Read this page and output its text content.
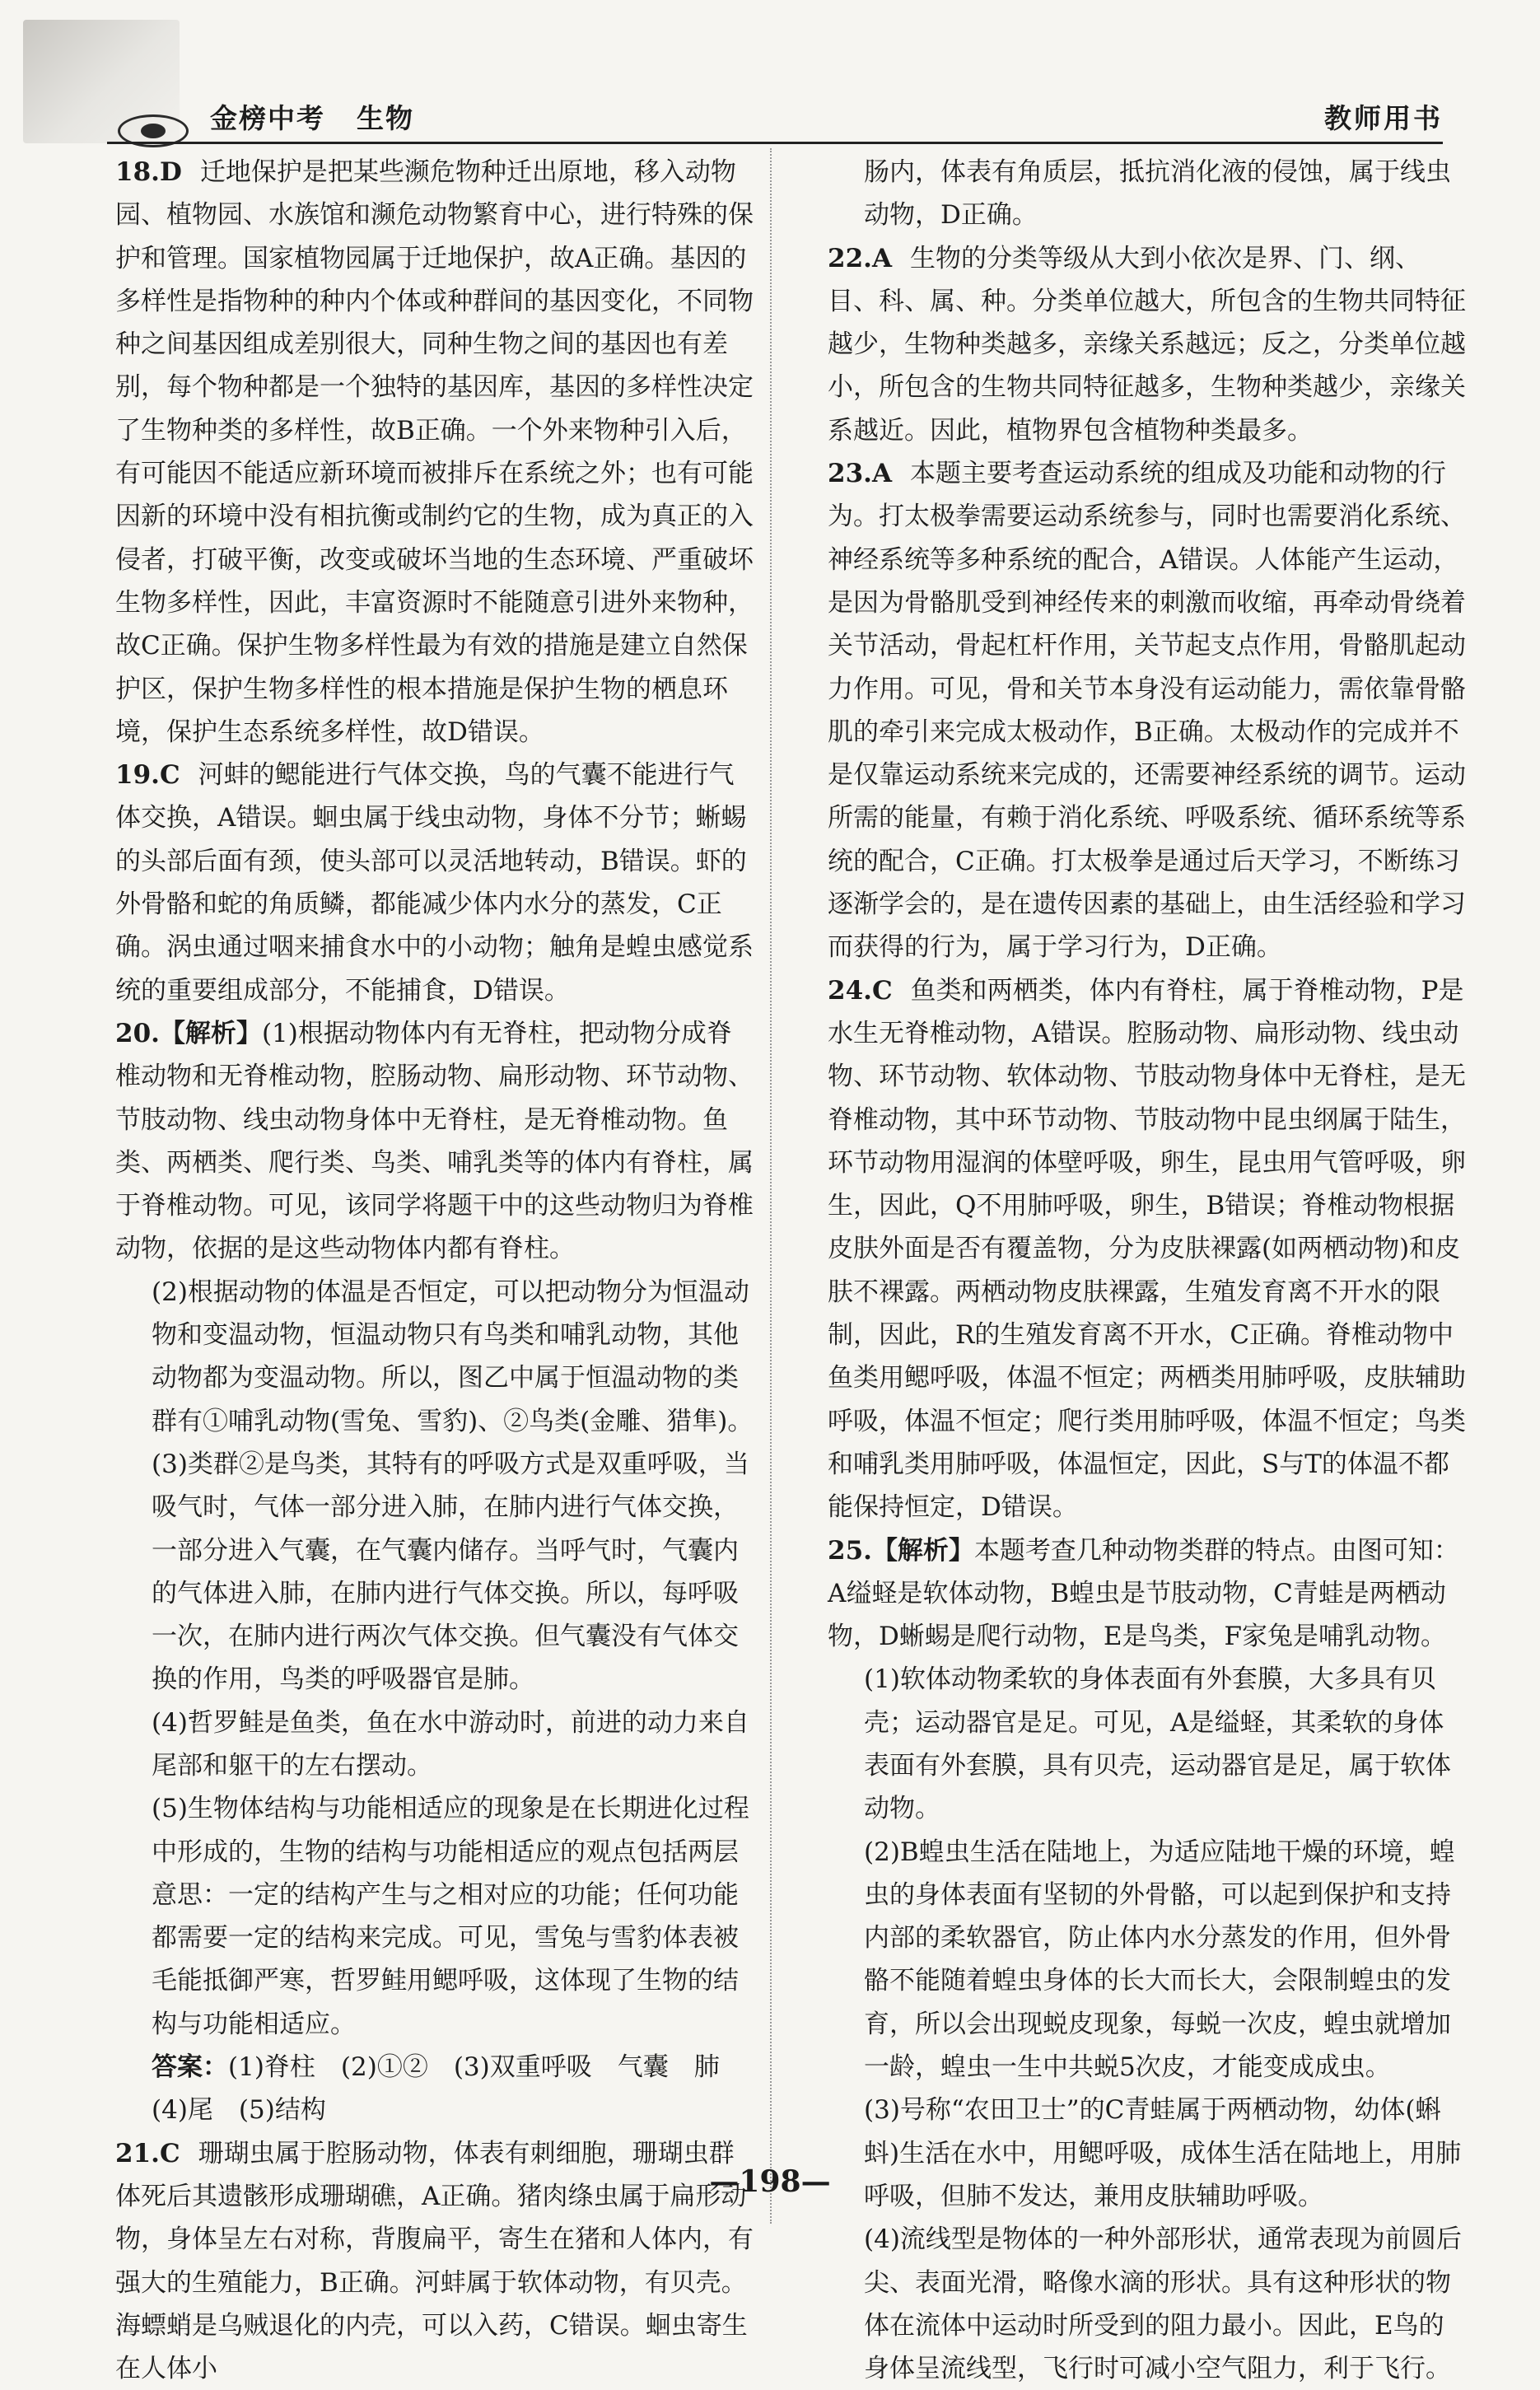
金榜中考 生物	教师用书

18.D 迁地保护是把某些濒危物种迁出原地，移入动物园、植物园、水族馆和濒危动物繁育中心，进行特殊的保护和管理。国家植物园属于迁地保护，故A正确。基因的多样性是指物种的种内个体或种群间的基因变化，不同物种之间基因组成差别很大，同种生物之间的基因也有差别，每个物种都是一个独特的基因库，基因的多样性决定了生物种类的多样性，故B正确。一个外来物种引入后，有可能因不能适应新环境而被排斥在系统之外；也有可能因新的环境中没有相抗衡或制约它的生物，成为真正的入侵者，打破平衡，改变或破坏当地的生态环境、严重破坏生物多样性，因此，丰富资源时不能随意引进外来物种，故C正确。保护生物多样性最为有效的措施是建立自然保护区，保护生物多样性的根本措施是保护生物的栖息环境，保护生态系统多样性，故D错误。

19.C 河蚌的鳃能进行气体交换，鸟的气囊不能进行气体交换，A错误。蛔虫属于线虫动物，身体不分节；蜥蜴的头部后面有颈，使头部可以灵活地转动，B错误。虾的外骨骼和蛇的角质鳞，都能减少体内水分的蒸发，C正确。涡虫通过咽来捕食水中的小动物；触角是蝗虫感觉系统的重要组成部分，不能捕食，D错误。

20.【解析】(1)根据动物体内有无脊柱，把动物分成脊椎动物和无脊椎动物，腔肠动物、扁形动物、环节动物、节肢动物、线虫动物身体中无脊柱，是无脊椎动物。鱼类、两栖类、爬行类、鸟类、哺乳类等的体内有脊柱，属于脊椎动物。可见，该同学将题干中的这些动物归为脊椎动物，依据的是这些动物体内都有脊柱。

(2)根据动物的体温是否恒定，可以把动物分为恒温动物和变温动物，恒温动物只有鸟类和哺乳动物，其他动物都为变温动物。所以，图乙中属于恒温动物的类群有①哺乳动物(雪兔、雪豹)、②鸟类(金雕、猎隼)。

(3)类群②是鸟类，其特有的呼吸方式是双重呼吸，当吸气时，气体一部分进入肺，在肺内进行气体交换，一部分进入气囊，在气囊内储存。当呼气时，气囊内的气体进入肺，在肺内进行气体交换。所以，每呼吸一次，在肺内进行两次气体交换。但气囊没有气体交换的作用，鸟类的呼吸器官是肺。

(4)哲罗鲑是鱼类，鱼在水中游动时，前进的动力来自尾部和躯干的左右摆动。

(5)生物体结构与功能相适应的现象是在长期进化过程中形成的，生物的结构与功能相适应的观点包括两层意思：一定的结构产生与之相对应的功能；任何功能都需要一定的结构来完成。可见，雪兔与雪豹体表被毛能抵御严寒，哲罗鲑用鳃呼吸，这体现了生物的结构与功能相适应。

答案：(1)脊柱　(2)①②　(3)双重呼吸　气囊　肺

(4)尾　(5)结构

21.C 珊瑚虫属于腔肠动物，体表有刺细胞，珊瑚虫群体死后其遗骸形成珊瑚礁，A正确。猪肉绦虫属于扁形动物，身体呈左右对称，背腹扁平，寄生在猪和人体内，有强大的生殖能力，B正确。河蚌属于软体动物，有贝壳。海螵蛸是乌贼退化的内壳，可以入药，C错误。蛔虫寄生在人体小

肠内，体表有角质层，抵抗消化液的侵蚀，属于线虫动物，D正确。

22.A 生物的分类等级从大到小依次是界、门、纲、目、科、属、种。分类单位越大，所包含的生物共同特征越少，生物种类越多，亲缘关系越远；反之，分类单位越小，所包含的生物共同特征越多，生物种类越少，亲缘关系越近。因此，植物界包含植物种类最多。

23.A 本题主要考查运动系统的组成及功能和动物的行为。打太极拳需要运动系统参与，同时也需要消化系统、神经系统等多种系统的配合，A错误。人体能产生运动，是因为骨骼肌受到神经传来的刺激而收缩，再牵动骨绕着关节活动，骨起杠杆作用，关节起支点作用，骨骼肌起动力作用。可见，骨和关节本身没有运动能力，需依靠骨骼肌的牵引来完成太极动作，B正确。太极动作的完成并不是仅靠运动系统来完成的，还需要神经系统的调节。运动所需的能量，有赖于消化系统、呼吸系统、循环系统等系统的配合，C正确。打太极拳是通过后天学习，不断练习逐渐学会的，是在遗传因素的基础上，由生活经验和学习而获得的行为，属于学习行为，D正确。

24.C 鱼类和两栖类，体内有脊柱，属于脊椎动物，P是水生无脊椎动物，A错误。腔肠动物、扁形动物、线虫动物、环节动物、软体动物、节肢动物身体中无脊柱，是无脊椎动物，其中环节动物、节肢动物中昆虫纲属于陆生，环节动物用湿润的体壁呼吸，卵生，昆虫用气管呼吸，卵生，因此，Q不用肺呼吸，卵生，B错误；脊椎动物根据皮肤外面是否有覆盖物，分为皮肤裸露(如两栖动物)和皮肤不裸露。两栖动物皮肤裸露，生殖发育离不开水的限制，因此，R的生殖发育离不开水，C正确。脊椎动物中鱼类用鳃呼吸，体温不恒定；两栖类用肺呼吸，皮肤辅助呼吸，体温不恒定；爬行类用肺呼吸，体温不恒定；鸟类和哺乳类用肺呼吸，体温恒定，因此，S与T的体温不都能保持恒定，D错误。

25.【解析】本题考查几种动物类群的特点。由图可知：A缢蛏是软体动物，B蝗虫是节肢动物，C青蛙是两栖动物，D蜥蜴是爬行动物，E是鸟类，F家兔是哺乳动物。

(1)软体动物柔软的身体表面有外套膜，大多具有贝壳；运动器官是足。可见，A是缢蛏，其柔软的身体表面有外套膜，具有贝壳，运动器官是足，属于软体动物。

(2)B蝗虫生活在陆地上，为适应陆地干燥的环境，蝗虫的身体表面有坚韧的外骨骼，可以起到保护和支持内部的柔软器官，防止体内水分蒸发的作用，但外骨骼不能随着蝗虫身体的长大而长大，会限制蝗虫的发育，所以会出现蜕皮现象，每蜕一次皮，蝗虫就增加一龄，蝗虫一生中共蜕5次皮，才能变成成虫。

(3)号称“农田卫士”的C青蛙属于两栖动物，幼体(蝌蚪)生活在水中，用鳃呼吸，成体生活在陆地上，用肺呼吸，但肺不发达，兼用皮肤辅助呼吸。

(4)流线型是物体的一种外部形状，通常表现为前圆后尖、表面光滑，略像水滴的形状。具有这种形状的物体在流体中运动时所受到的阻力最小。因此，E鸟的身体呈流线型，飞行时可减小空气阻力，利于飞行。

—198—
